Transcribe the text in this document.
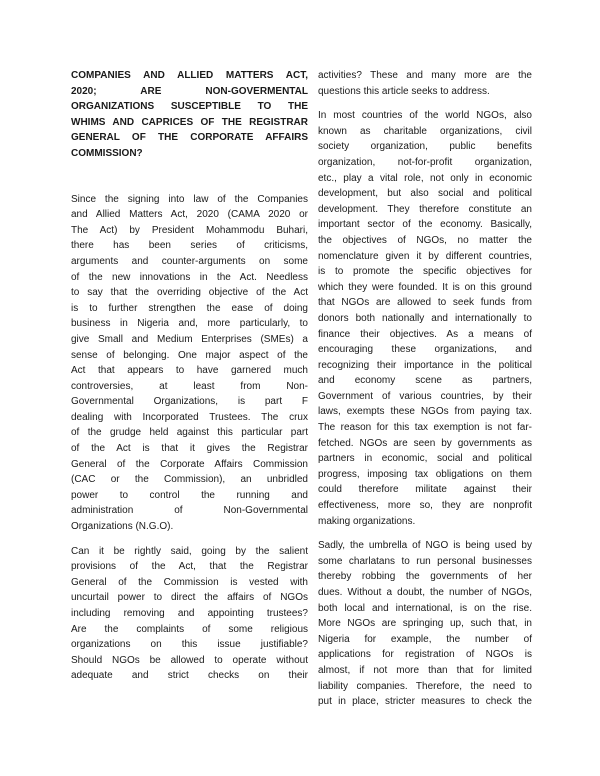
COMPANIES AND ALLIED MATTERS ACT,
2020; ARE NON-GOVERMENTAL
ORGANIZATIONS SUSCEPTIBLE TO THE
WHIMS AND CAPRICES OF THE REGISTRAR
GENERAL OF THE CORPORATE AFFAIRS
COMMISSION?
Since the signing into law of the Companies
and Allied Matters Act, 2020 (CAMA 2020 or
The Act) by President Mohammodu Buhari,
there has been series of criticisms,
arguments and counter-arguments on some
of the new innovations in the Act. Needless
to say that the overriding objective of the Act
is to further strengthen the ease of doing
business in Nigeria and, more particularly, to
give Small and Medium Enterprises (SMEs) a
sense of belonging. One major aspect of the
Act that appears to have garnered much
controversies, at least from Non-
Governmental Organizations, is part F
dealing with Incorporated Trustees. The crux
of the grudge held against this particular part
of the Act is that it gives the Registrar
General of the Corporate Affairs Commission
(CAC or the Commission), an unbridled
power to control the running and
administration of Non-Governmental
Organizations (N.G.O).
Can it be rightly said, going by the salient
provisions of the Act, that the Registrar
General of the Commission is vested with
uncurtail power to direct the affairs of NGOs
including removing and appointing trustees?
Are the complaints of some religious
organizations on this issue justifiable?
Should NGOs be allowed to operate without
adequate and strict checks on their
activities? These and many more are the
questions this article seeks to address.
In most countries of the world NGOs, also
known as charitable organizations, civil
society organization, public benefits
organization, not-for-profit organization,
etc., play a vital role, not only in economic
development, but also social and political
development. They therefore constitute an
important sector of the economy. Basically,
the objectives of NGOs, no matter the
nomenclature given it by different countries,
is to promote the specific objectives for
which they were founded. It is on this ground
that NGOs are allowed to seek funds from
donors both nationally and internationally to
finance their objectives. As a means of
encouraging these organizations, and
recognizing their importance in the political
and economy scene as partners,
Government of various countries, by their
laws, exempts these NGOs from paying tax.
The reason for this tax exemption is not far-
fetched. NGOs are seen by governments as
partners in economic, social and political
progress, imposing tax obligations on them
could therefore militate against their
effectiveness, more so, they are nonprofit
making organizations.
Sadly, the umbrella of NGO is being used by
some charlatans to run personal businesses
thereby robbing the governments of her
dues. Without a doubt, the number of NGOs,
both local and international, is on the rise.
More NGOs are springing up, such that, in
Nigeria for example, the number of
applications for registration of NGOs is
almost, if not more than that for limited
liability companies. Therefore, the need to
put in place, stricter measures to check the
